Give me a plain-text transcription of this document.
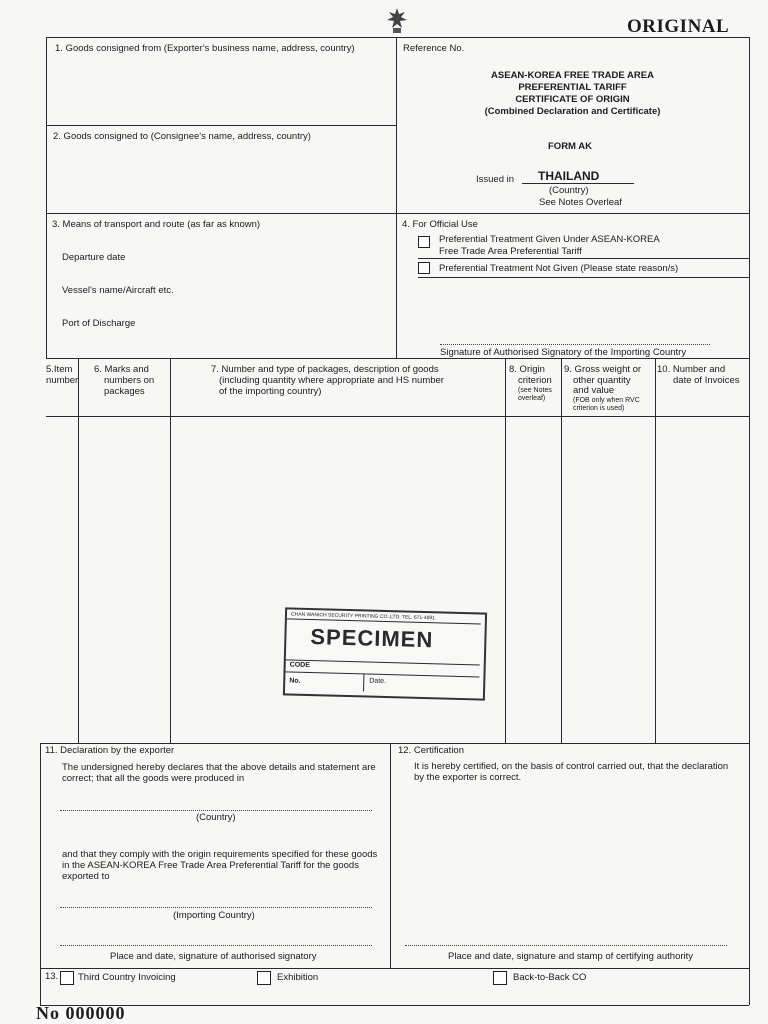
ORIGINAL
1. Goods consigned from (Exporter's business name, address, country)
2. Goods consigned to (Consignee's name, address, country)
Reference No.
ASEAN-KOREA FREE TRADE AREA
PREFERENTIAL TARIFF
CERTIFICATE OF ORIGIN
(Combined Declaration and Certificate)
FORM AK
Issued in THAILAND
(Country)
See Notes Overleaf
3. Means of transport and route (as far as known)
Departure date
Vessel's name/Aircraft etc.
Port of Discharge
4. For Official Use
Preferential Treatment Given Under ASEAN-KOREA
Free Trade Area Preferential Tariff
Preferential Treatment Not Given (Please state reason/s)
Signature of Authorised Signatory of the Importing Country
5.Item
number
6. Marks and
numbers on
packages
7. Number and type of packages, description of goods
(including quantity where appropriate and HS number
of the importing country)
8. Origin
criterion
(see Notes
overleaf)
9. Gross weight or
other quantity
and value
(FOB only when RVC
criterion is used)
10. Number and
date of Invoices
CHAN WANICH SECURITY PRINTING CO.,LTD. TEL. 671-4891
SPECIMEN
CODE
No.	Date.
11. Declaration by the exporter
The undersigned hereby declares that the above details and statement are
correct; that all the goods were produced in
(Country)
and that they comply with the origin requirements specified for these goods
in the ASEAN-KOREA Free Trade Area Preferential Tariff for the goods
exported to
(Importing Country)
Place and date, signature of authorised signatory
12. Certification
It is hereby certified, on the basis of control carried out, that the declaration
by the exporter is correct.
Place and date, signature and stamp of certifying authority
13. Third Country Invoicing	Exhibition	Back-to-Back CO
No 000000
